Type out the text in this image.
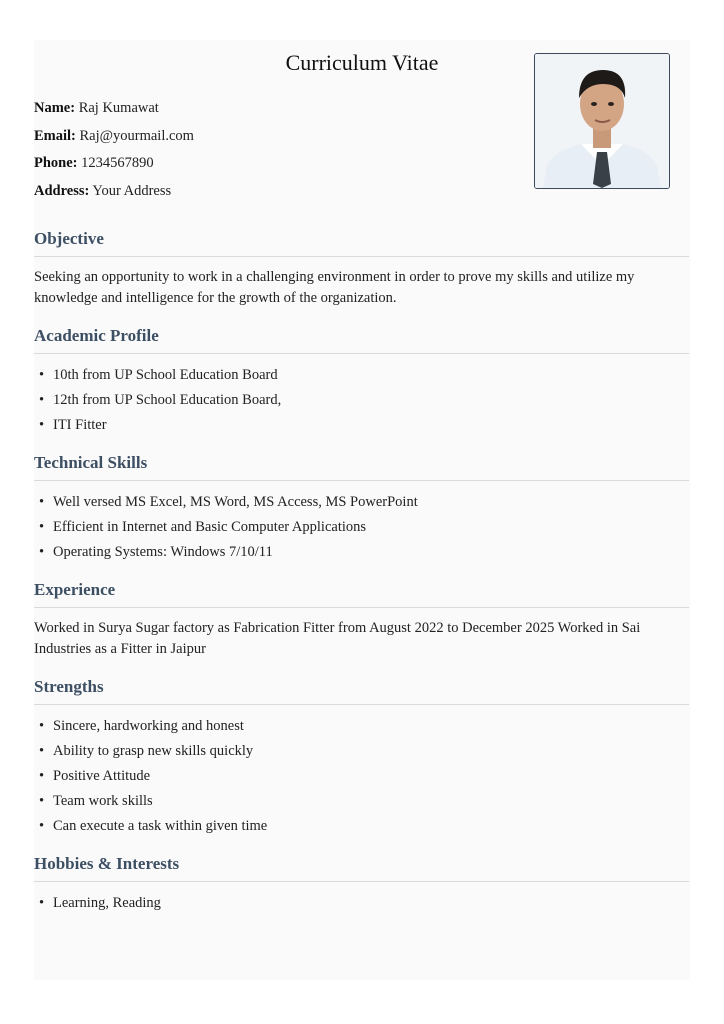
Curriculum Vitae
Name: Raj Kumawat
Email: Raj@yourmail.com
Phone: 1234567890
Address: Your Address
Objective

Seeking an opportunity to work in a challenging environment in order to prove my skills and utilize my knowledge and intelligence for the growth of the organization.

Academic Profile
• 10th from UP School Education Board
• 12th from UP School Education Board,
• ITI Fitter
Technical Skills
• Well versed MS Excel, MS Word, MS Access, MS PowerPoint
• Efficient in Internet and Basic Computer Applications
• Operating Systems: Windows 7/10/11
Experience

Worked in Surya Sugar factory as Fabrication Fitter from August 2022 to December 2025 Worked in Sai Industries as a Fitter in Jaipur

Strengths
• Sincere, hardworking and honest
• Ability to grasp new skills quickly
• Positive Attitude
• Team work skills
• Can execute a task within given time
Hobbies & Interests
• Learning, Reading
